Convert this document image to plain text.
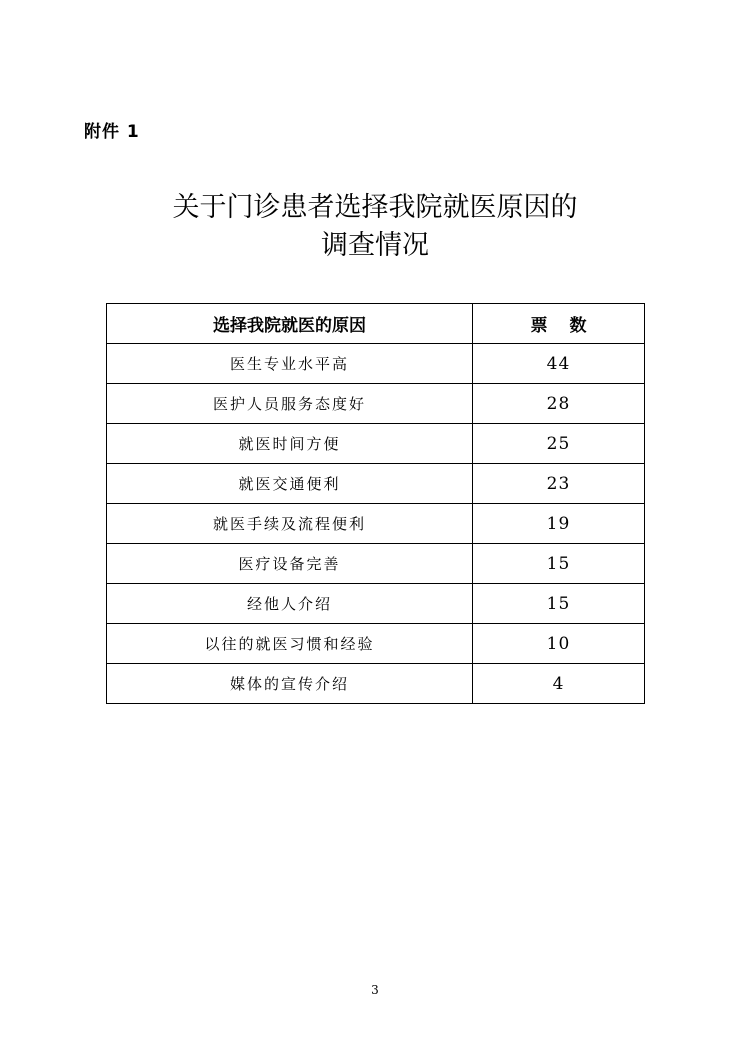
附件 1
关于门诊患者选择我院就医原因的
调查情况
选择我院就医的原因	票数
医生专业水平高	44
医护人员服务态度好	28
就医时间方便	25
就医交通便利	23
就医手续及流程便利	19
医疗设备完善	15
经他人介绍	15
以往的就医习惯和经验	10
媒体的宣传介绍	4
3
